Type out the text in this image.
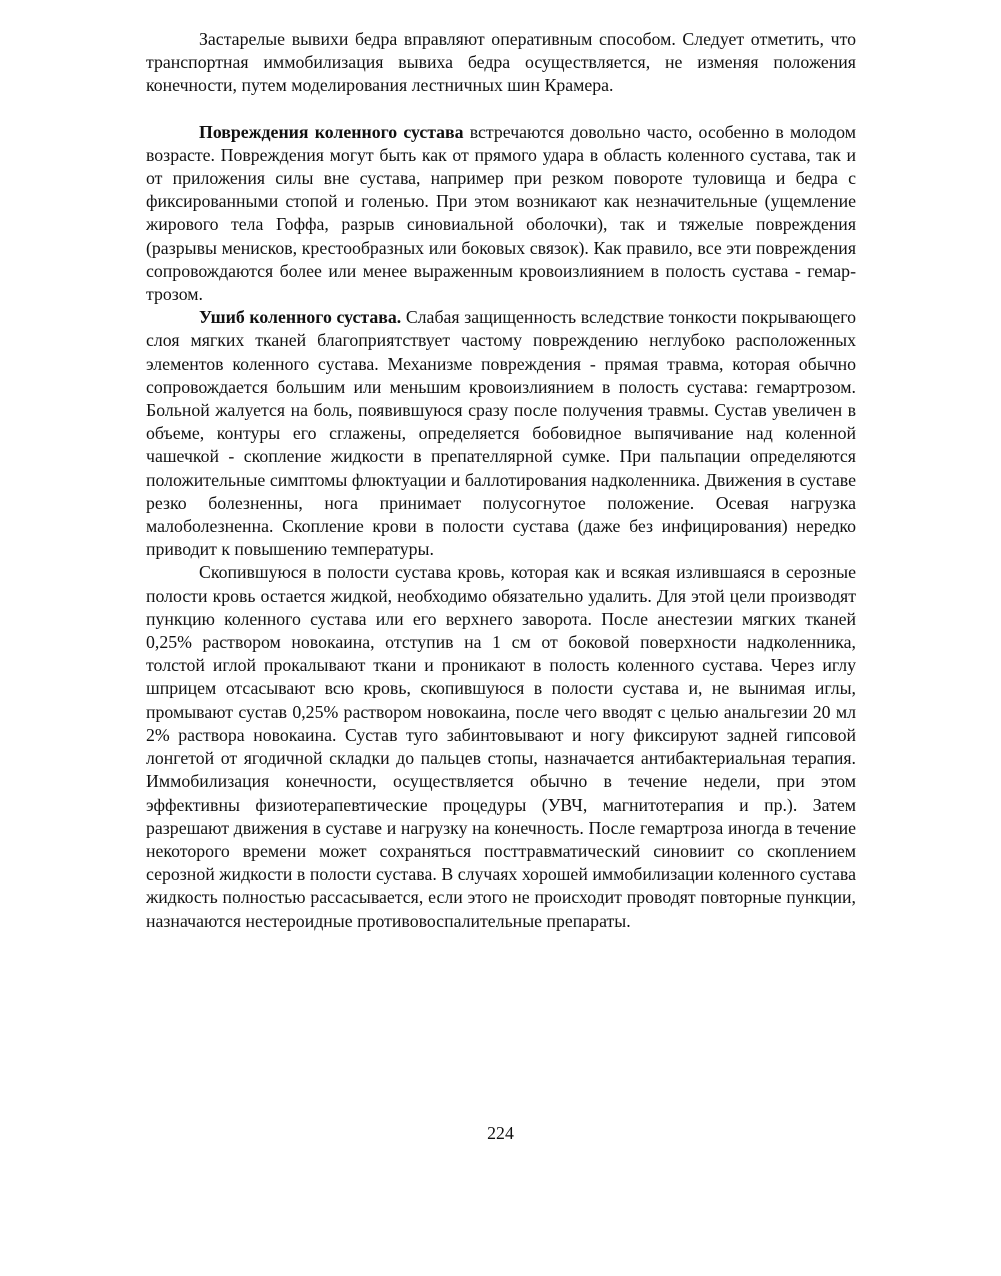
Застарелые вывихи бедра вправляют оперативным способом. Следует отметить, что транспортная иммобилизация вывиха бедра осуществляется, не изменяя положения конечности, путем моделирования лестничных шин Крамера.

Повреждения коленного сустава встречаются довольно часто, особенно в молодом возрасте. Повреждения могут быть как от прямого удара в область коленного сустава, так и от приложения силы вне сустава, например при резком повороте туловища и бедра с фиксированными стопой и голенью. При этом возникают как незначительные (ущемление жирового тела Гоффа, разрыв синовиальной оболочки), так и тяжелые повреждения (разрывы менисков, крестообразных или боковых связок). Как правило, все эти повреждения сопровождаются более или менее выраженным кровоизлиянием в полость сустава - гемартрозом.

Ушиб коленного сустава. Слабая защищенность вследствие тонкости покрывающего слоя мягких тканей благоприятствует частому повреждению неглубоко расположенных элементов коленного сустава. Механизме повреждения - прямая травма, которая обычно сопровождается большим или меньшим кровоизлиянием в полость сустава: гемартрозом. Больной жалуется на боль, появившуюся сразу после получения травмы. Сустав увеличен в объеме, контуры его сглажены, определяется бобовидное выпячивание над коленной чашечкой - скопление жидкости в препателлярной сумке. При пальпации определяются положительные симптомы флюктуации и баллотирования надколенника. Движения в суставе резко болезненны, нога принимает полусогнутое положение. Осевая нагрузка малоболезненна. Скопление крови в полости сустава (даже без инфицирования) нередко приводит к повышению температуры.

Скопившуюся в полости сустава кровь, которая как и всякая излившаяся в серозные полости кровь остается жидкой, необходимо обязательно удалить. Для этой цели производят пункцию коленного сустава или его верхнего заворота. После анестезии мягких тканей 0,25% раствором новокаина, отступив на 1 см от боковой поверхности надколенника, толстой иглой прокалывают ткани и проникают в полость коленного сустава. Через иглу шприцем отсасывают всю кровь, скопившуюся в полости сустава и, не вынимая иглы, промывают сустав 0,25% раствором новокаина, после чего вводят с целью анальгезии 20 мл 2% раствора новокаина. Сустав туго забинтовывают и ногу фиксируют задней гипсовой лонгетой от ягодичной складки до пальцев стопы, назначается антибактериальная терапия. Иммобилизация конечности, осуществляется обычно в течение недели, при этом эффективны физиотерапевтические процедуры (УВЧ, магнитотерапия и пр.). Затем разрешают движения в суставе и нагрузку на конечность. После гемартроза иногда в течение некоторого времени может сохраняться посттравматический синовиит со скоплением серозной жидкости в полости сустава. В случаях хорошей иммобилизации коленного сустава жидкость полностью рассасывается, если этого не происходит проводят повторные пункции, назначаются нестероидные противовоспалительные препараты.

224
